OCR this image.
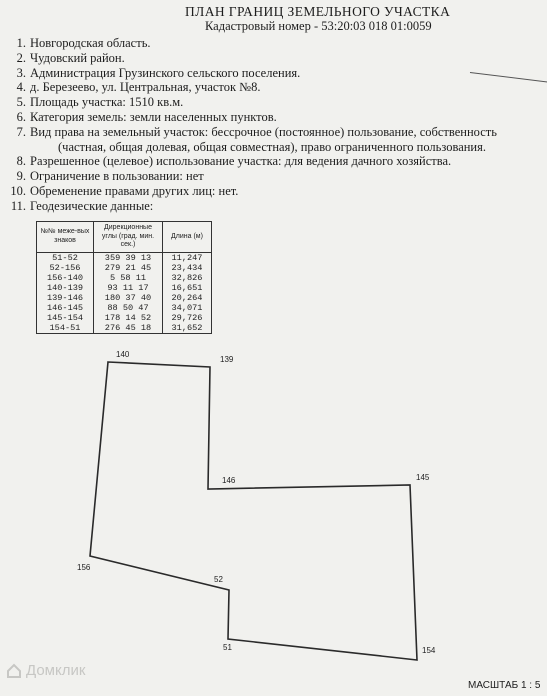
ПЛАН ГРАНИЦ ЗЕМЕЛЬНОГО УЧАСТКА
Кадастровый номер - 53:20:03 018 01:0059
1. Новгородская область.
2. Чудовский район.
3. Администрация Грузинского сельского поселения.
4. д. Березеево, ул. Центральная, участок №8.
5. Площадь участка: 1510 кв.м.
6. Категория земель: земли населенных пунктов.
7. Вид права на земельный участок: бессрочное (постоянное) пользование, собственность
(частная, общая долевая, общая совместная), право ограниченного пользования.
8. Разрешенное (целевое) использование участка: для ведения дачного хозяйства.
9. Ограничение в пользовании: нет
10. Обременение правами других лиц: нет.
11. Геодезические данные:
№№ меже-вых знаков	Дирекционные углы (град. мин. сек.)	Длина (м)
51-52	359 39 13	11,247
52-156	279 21 45	23,434
156-140	5 58 11	32,826
140-139	93 11 17	16,651
139-146	180 37 40	20,264
146-145	88 50 47	34,071
145-154	178 14 52	29,726
154-51	276 45 18	31,652
140
139
146	145
154
51
52
156
Домклик
МАСШТАБ 1 : 5
